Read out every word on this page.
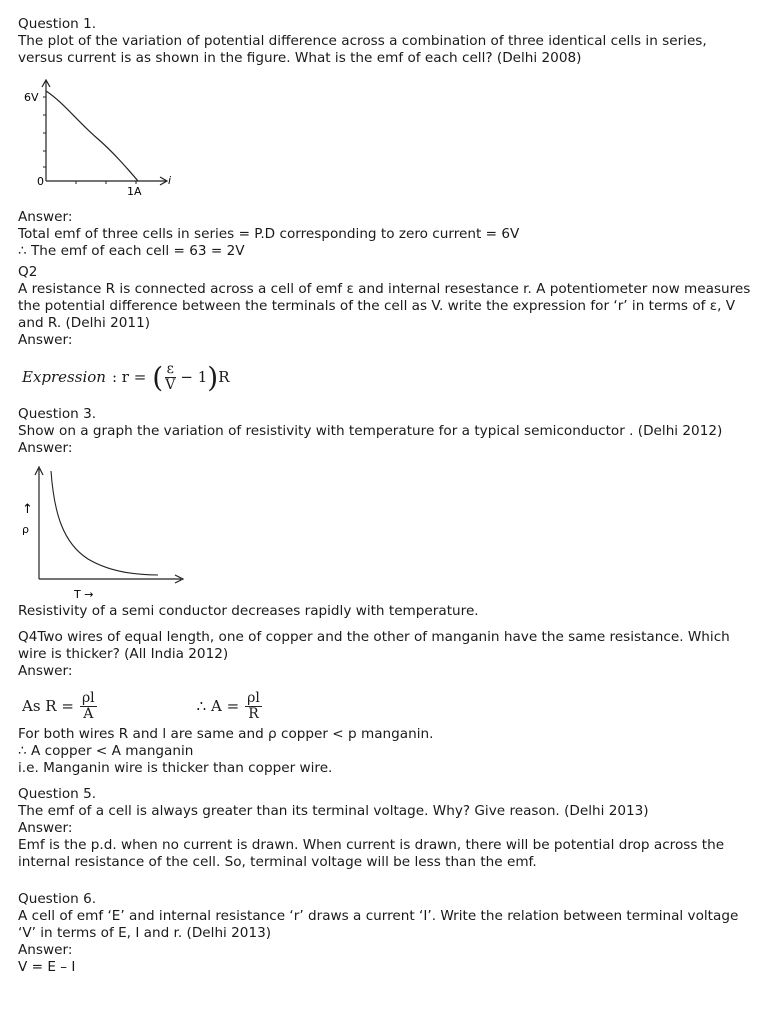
Question 1.

The plot of the variation of potential difference across a combination of three identical cells in series, versus current is as shown in the figure. What is the emf of each cell? (Delhi 2008)

6V
0
1A
i

Answer:

Total emf of three cells in series = P.D corresponding to zero current = 6V

∴ The emf of each cell = 63 = 2V

Q2

A resistance R is connected across a cell of emf ε and internal resestance r. A potentiometer now measures the potential difference between the terminals of the cell as V. write the expression for ‘r’ in terms of ε, V and R. (Delhi 2011)

Answer:

Expression : r = ( $\frac{\varepsilon}{V} - 1$ ) R

Question 3.

Show on a graph the variation of resistivity with temperature for a typical semiconductor . (Delhi 2012)

Answer:

↑
ρ
T →

Resistivity of a semi conductor decreases rapidly with temperature.

Q4Two wires of equal length, one of copper and the other of manganin have the same resistance. Which wire is thicker? (All India 2012)

Answer:

As $R = \frac{\rho l}{A}$	∴ $A = \frac{\rho l}{R}$

For both wires R and l are same and ρ copper < p manganin.

∴ A copper < A manganin

i.e. Manganin wire is thicker than copper wire.

Question 5.

The emf of a cell is always greater than its terminal voltage. Why? Give reason. (Delhi 2013)

Answer:

Emf is the p.d. when no current is drawn. When current is drawn, there will be potential drop across the internal resistance of the cell. So, terminal voltage will be less than the emf.

Question 6.

A cell of emf ‘E’ and internal resistance ‘r’ draws a current ‘I’. Write the relation between terminal voltage ‘V’ in terms of E, I and r. (Delhi 2013)

Answer:

V = E – I
